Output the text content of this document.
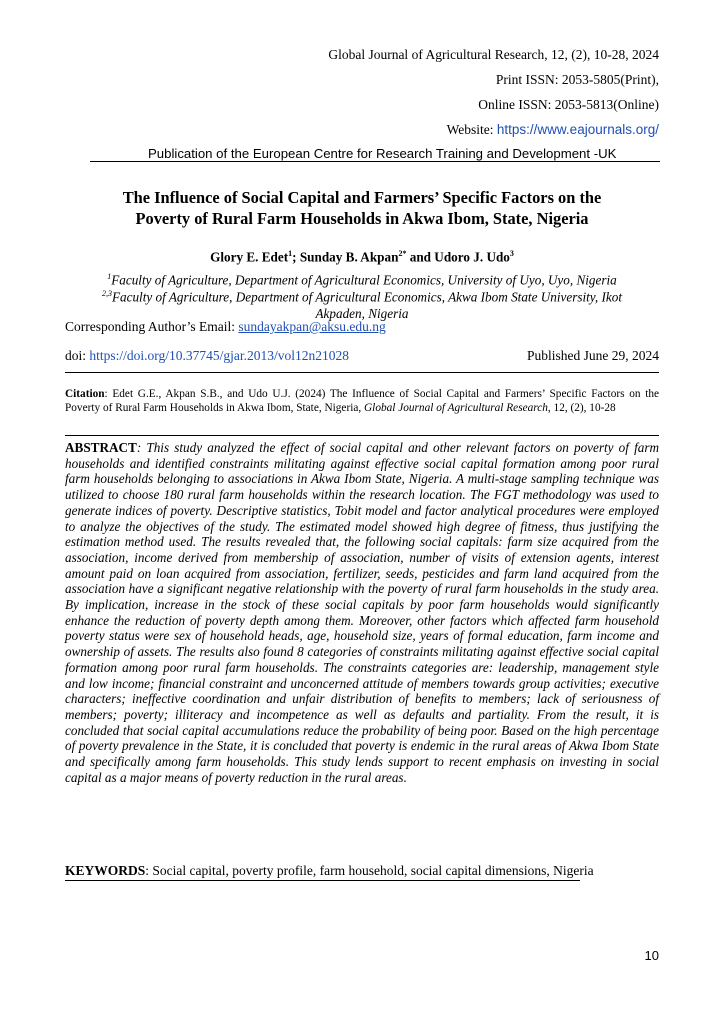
Global Journal of Agricultural Research, 12, (2), 10-28, 2024
Print ISSN: 2053-5805(Print),
Online ISSN: 2053-5813(Online)
Website: https://www.eajournals.org/
Publication of the European Centre for Research Training and Development -UK
The Influence of Social Capital and Farmers’ Specific Factors on the
Poverty of Rural Farm Households in Akwa Ibom, State, Nigeria
Glory E. Edet$^1$; Sunday B. Akpan$^{2*}$ and Udoro J. Udo$^3$
$^1$Faculty of Agriculture, Department of Agricultural Economics, University of Uyo, Uyo, Nigeria
$^{2,3}$Faculty of Agriculture, Department of Agricultural Economics, Akwa Ibom State University, Ikot
Akpaden, Nigeria
Corresponding Author’s Email: sundayakpan@aksu.edu.ng
doi: https://doi.org/10.37745/gjar.2013/vol12n21028	Published June 29, 2024
Citation: Edet G.E., Akpan S.B., and Udo U.J. (2024) The Influence of Social Capital and Farmers’ Specific Factors on the Poverty of Rural Farm Households in Akwa Ibom, State, Nigeria, Global Journal of Agricultural Research, 12, (2), 10-28
ABSTRACT: This study analyzed the effect of social capital and other relevant factors on poverty of farm households and identified constraints militating against effective social capital formation among poor rural farm households belonging to associations in Akwa Ibom State, Nigeria. A multi-stage sampling technique was utilized to choose 180 rural farm households within the research location. The FGT methodology was used to generate indices of poverty. Descriptive statistics, Tobit model and factor analytical procedures were employed to analyze the objectives of the study. The estimated model showed high degree of fitness, thus justifying the estimation method used. The results revealed that, the following social capitals: farm size acquired from the association, income derived from membership of association, number of visits of extension agents, interest amount paid on loan acquired from association, fertilizer, seeds, pesticides and farm land acquired from the association have a significant negative relationship with the poverty of rural farm households in the study area. By implication, increase in the stock of these social capitals by poor farm households would significantly enhance the reduction of poverty depth among them. Moreover, other factors which affected farm household poverty status were sex of household heads, age, household size, years of formal education, farm income and ownership of assets. The results also found 8 categories of constraints militating against effective social capital formation among poor rural farm households. The constraints categories are: leadership, management style and low income; financial constraint and unconcerned attitude of members towards group activities; executive characters; ineffective coordination and unfair distribution of benefits to members; lack of seriousness of members; poverty; illiteracy and incompetence as well as defaults and partiality. From the result, it is concluded that social capital accumulations reduce the probability of being poor. Based on the high percentage of poverty prevalence in the State, it is concluded that poverty is endemic in the rural areas of Akwa Ibom State and specifically among farm households. This study lends support to recent emphasis on investing in social capital as a major means of poverty reduction in the rural areas.
KEYWORDS: Social capital, poverty profile, farm household, social capital dimensions, Nigeria
10
